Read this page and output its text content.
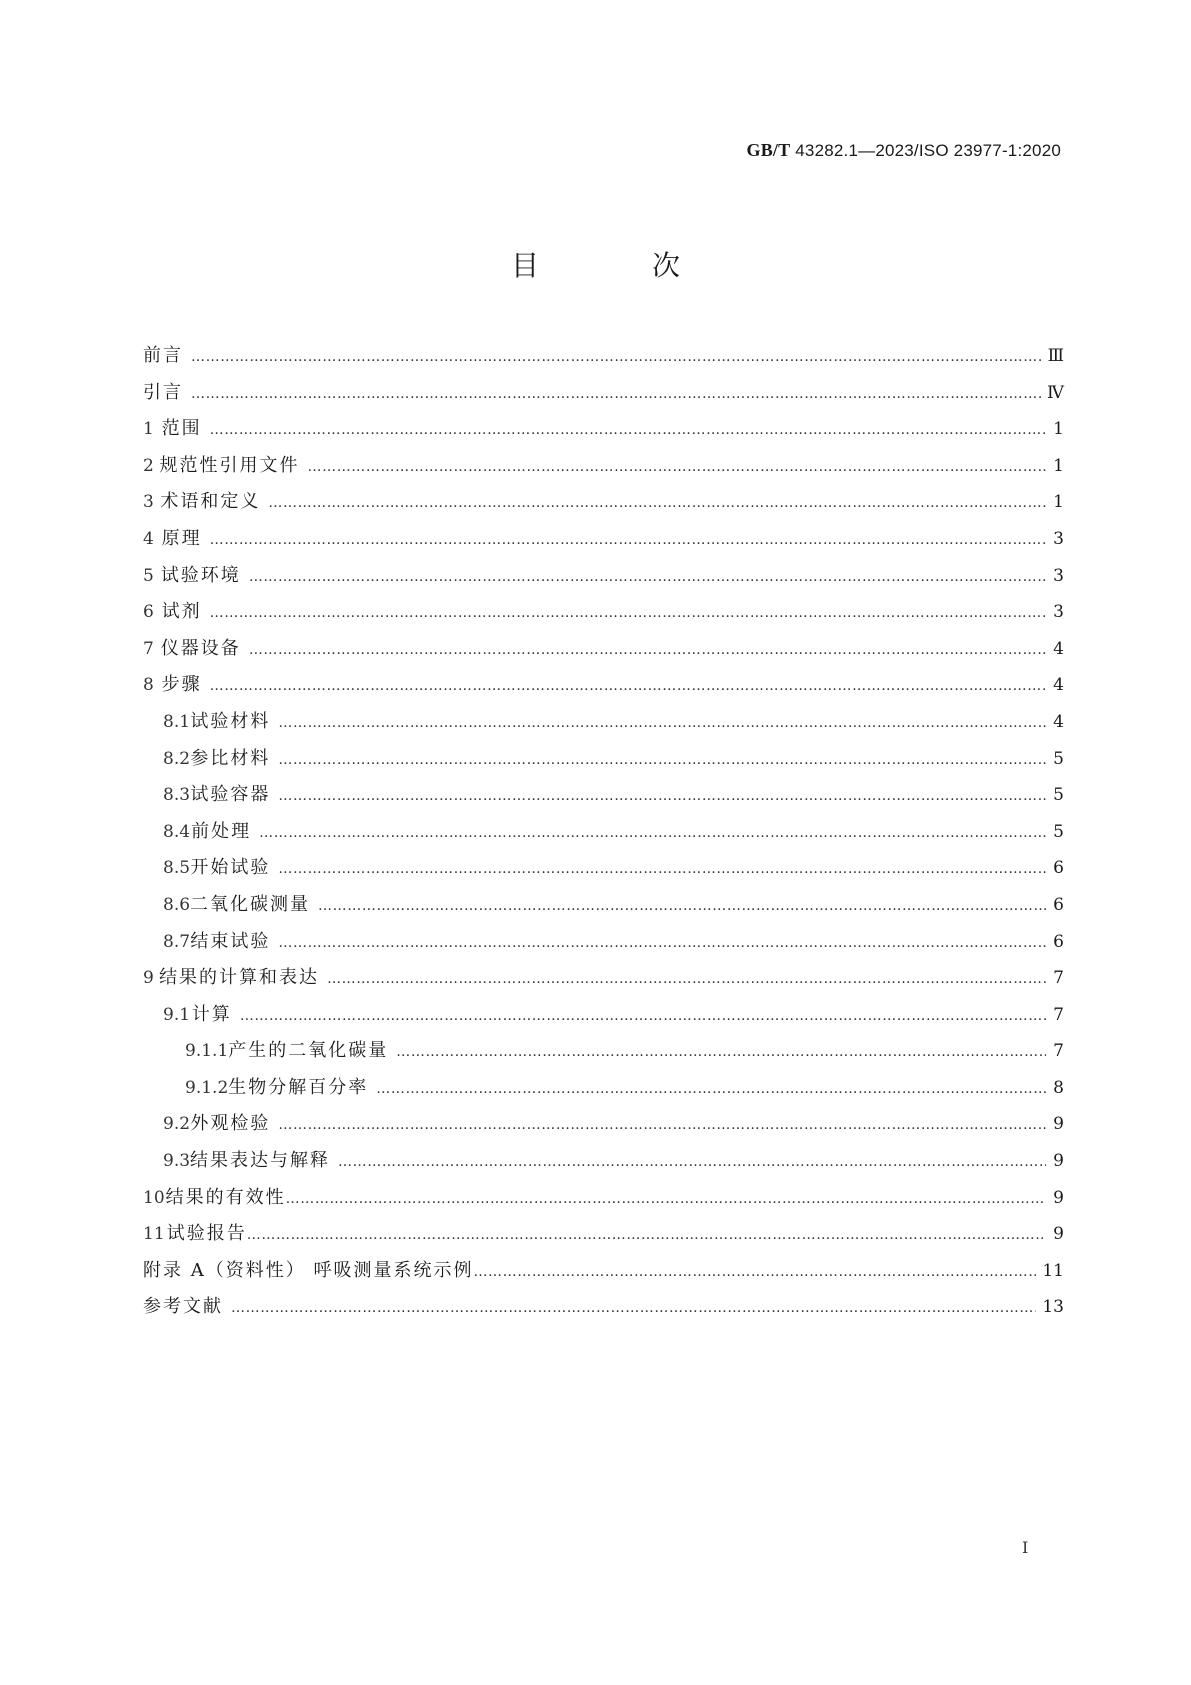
GB/T 43282.1—2023/ISO 23977-1:2020
目 次
前言 ……………………………………………………………………………………………………………………………………………………………………………………………………………………………………………………	Ⅲ
引言 ……………………………………………………………………………………………………………………………………………………………………………………………………………………………………………………	Ⅳ
1 范围 ……………………………………………………………………………………………………………………………………………………………………………………………………………………………………………………	1
2 规范性引用文件 ……………………………………………………………………………………………………………………………………………………………………………………………………………………………………………………	1
3 术语和定义 ……………………………………………………………………………………………………………………………………………………………………………………………………………………………………………………	1
4 原理 ……………………………………………………………………………………………………………………………………………………………………………………………………………………………………………………	3
5 试验环境 ……………………………………………………………………………………………………………………………………………………………………………………………………………………………………………………	3
6 试剂 ……………………………………………………………………………………………………………………………………………………………………………………………………………………………………………………	3
7 仪器设备 ……………………………………………………………………………………………………………………………………………………………………………………………………………………………………………………	4
8 步骤 ……………………………………………………………………………………………………………………………………………………………………………………………………………………………………………………	4
8.1 试验材料 ……………………………………………………………………………………………………………………………………………………………………………………………………………………………………………………	4
8.2 参比材料 ……………………………………………………………………………………………………………………………………………………………………………………………………………………………………………………	5
8.3 试验容器 ……………………………………………………………………………………………………………………………………………………………………………………………………………………………………………………	5
8.4 前处理 ……………………………………………………………………………………………………………………………………………………………………………………………………………………………………………………	5
8.5 开始试验 ……………………………………………………………………………………………………………………………………………………………………………………………………………………………………………………	6
8.6 二氧化碳测量 ……………………………………………………………………………………………………………………………………………………………………………………………………………………………………………………	6
8.7 结束试验 ……………………………………………………………………………………………………………………………………………………………………………………………………………………………………………………	6
9 结果的计算和表达 ……………………………………………………………………………………………………………………………………………………………………………………………………………………………………………………	7
9.1 计算 ……………………………………………………………………………………………………………………………………………………………………………………………………………………………………………………	7
9.1.1 产生的二氧化碳量 ……………………………………………………………………………………………………………………………………………………………………………………………………………………………………………………	7
9.1.2 生物分解百分率 ……………………………………………………………………………………………………………………………………………………………………………………………………………………………………………………	8
9.2 外观检验 ……………………………………………………………………………………………………………………………………………………………………………………………………………………………………………………	9
9.3 结果表达与解释 ……………………………………………………………………………………………………………………………………………………………………………………………………………………………………………………	9
10 结果的有效性 ……………………………………………………………………………………………………………………………………………………………………………………………………………………………………………………	9
11 试验报告 ……………………………………………………………………………………………………………………………………………………………………………………………………………………………………………………	9
附录 A（资料性） 呼吸测量系统示例 ……………………………………………………………………………………………………………………………………………………………………………………………………………………………………………………	11
参考文献 ……………………………………………………………………………………………………………………………………………………………………………………………………………………………………………………	13
I
